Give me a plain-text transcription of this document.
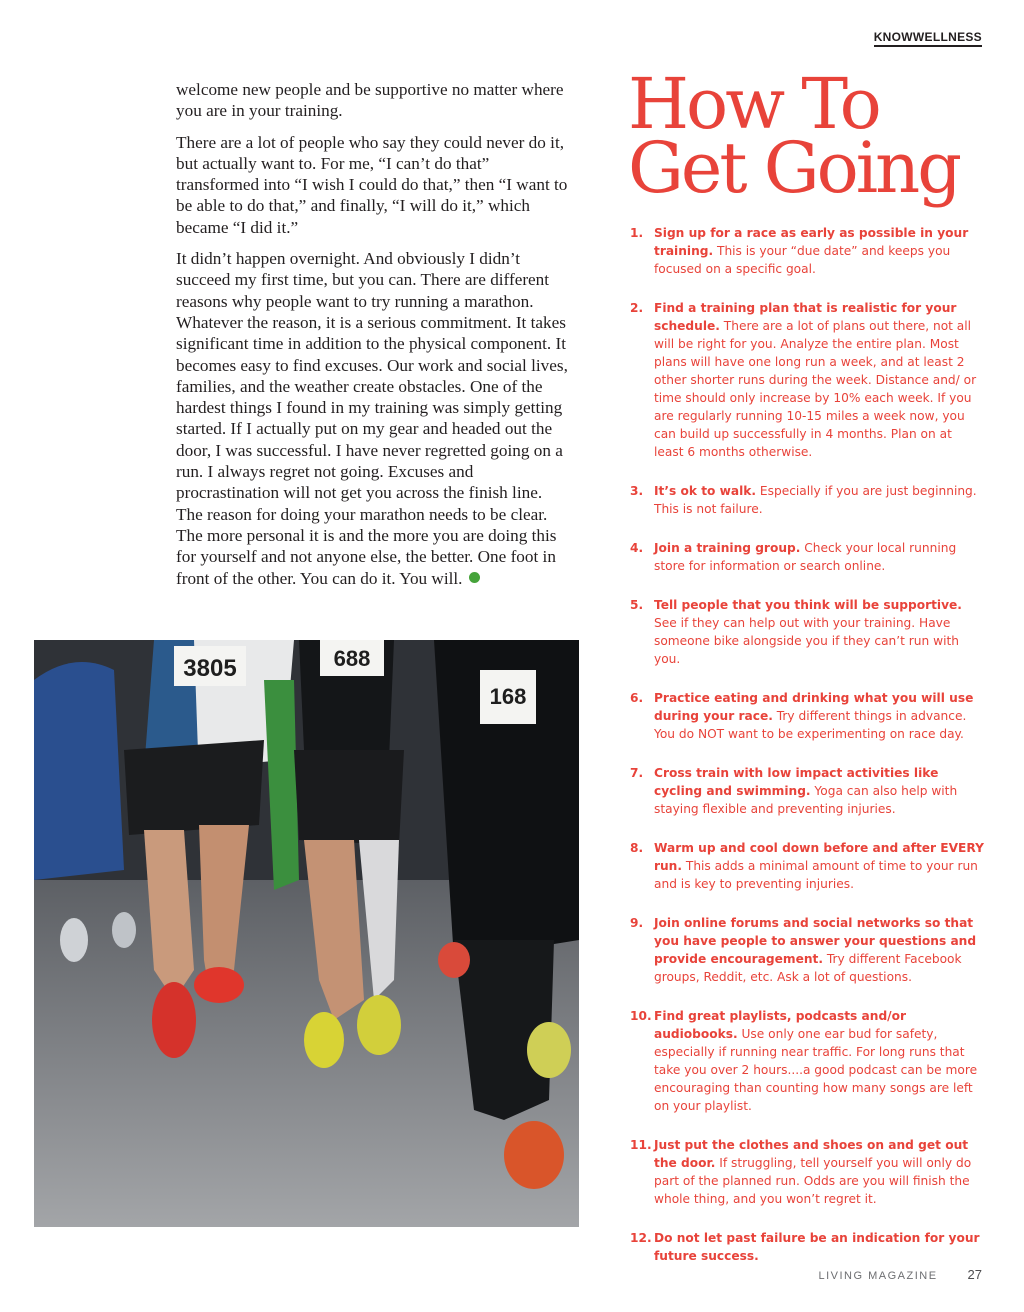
KNOWWELLNESS

welcome new people and be supportive no matter where you are in your training.

There are a lot of people who say they could never do it, but actually want to. For me, “I can’t do that” transformed into “I wish I could do that,” then “I want to be able to do that,” and finally, “I will do it,” which became “I did it.”

It didn’t happen overnight. And obviously I didn’t succeed my first time, but you can. There are different reasons why people want to try running a marathon. Whatever the reason, it is a serious commitment. It takes significant time in addition to the physical component. It becomes easy to find excuses. Our work and social lives, families, and the weather create obstacles. One of the hardest things I found in my training was simply getting started. If I actually put on my gear and headed out the door, I was successful. I have never regretted going on a run. I always regret not going. Excuses and procrastination will not get you across the finish line. The reason for doing your marathon needs to be clear. The more personal it is and the more you are doing this for yourself and not anyone else, the better. One foot in front of the other. You can do it. You will.

3805	688
168
How To
Get Going
1. Sign up for a race as early as possible in your training. This is your “due date” and keeps you focused on a specific goal.
2. Find a training plan that is realistic for your schedule. There are a lot of plans out there, not all will be right for you. Analyze the entire plan. Most plans will have one long run a week, and at least 2 other shorter runs during the week. Distance and/ or time should only increase by 10% each week. If you are regularly running 10-15 miles a week now, you can build up successfully in 4 months. Plan on at least 6 months otherwise.
3. It’s ok to walk. Especially if you are just beginning. This is not failure.
4. Join a training group. Check your local running store for information or search online.
5. Tell people that you think will be supportive. See if they can help out with your training. Have someone bike alongside you if they can’t run with you.
6. Practice eating and drinking what you will use during your race. Try different things in advance. You do NOT want to be experimenting on race day.
7. Cross train with low impact activities like cycling and swimming. Yoga can also help with staying flexible and preventing injuries.
8. Warm up and cool down before and after EVERY run. This adds a minimal amount of time to your run and is key to preventing injuries.
9. Join online forums and social networks so that you have people to answer your questions and provide encouragement. Try different Facebook groups, Reddit, etc. Ask a lot of questions.
10. Find great playlists, podcasts and/or audiobooks. Use only one ear bud for safety, especially if running near traffic. For long runs that take you over 2 hours....a good podcast can be more encouraging than counting how many songs are left on your playlist.
11. Just put the clothes and shoes on and get out the door. If struggling, tell yourself you will only do part of the planned run. Odds are you will finish the whole thing, and you won’t regret it.
12. Do not let past failure be an indication for your future success.
LIVING MAGAZINE 27
